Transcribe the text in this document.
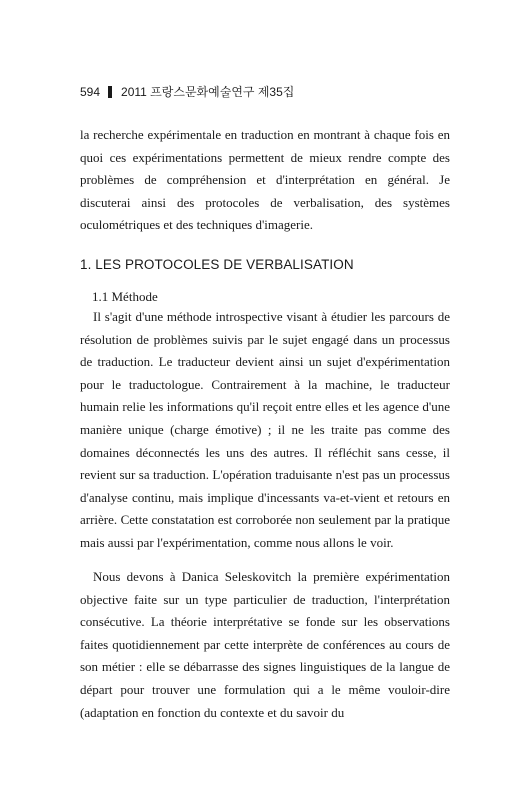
594 2011 프랑스문화예술연구 제35집

la recherche expérimentale en traduction en montrant à chaque fois en quoi ces expérimentations permettent de mieux rendre compte des problèmes de compréhension et d'interprétation en général. Je discuterai ainsi des protocoles de verbalisation, des systèmes oculométriques et des techniques d'imagerie.

1. LES PROTOCOLES DE VERBALISATION
1.1 Méthode

Il s'agit d'une méthode introspective visant à étudier les parcours de résolution de problèmes suivis par le sujet engagé dans un processus de traduction. Le traducteur devient ainsi un sujet d'expérimentation pour le traductologue. Contrairement à la machine, le traducteur humain relie les informations qu'il reçoit entre elles et les agence d'une manière unique (charge émotive) ; il ne les traite pas comme des domaines déconnectés les uns des autres. Il réfléchit sans cesse, il revient sur sa traduction. L'opération traduisante n'est pas un processus d'analyse continu, mais implique d'incessants va-et-vient et retours en arrière. Cette constatation est corroborée non seulement par la pratique mais aussi par l'expérimentation, comme nous allons le voir.

Nous devons à Danica Seleskovitch la première expérimentation objective faite sur un type particulier de traduction, l'interprétation consécutive. La théorie interprétative se fonde sur les observations faites quotidiennement par cette interprète de conférences au cours de son métier : elle se débarrasse des signes linguistiques de la langue de départ pour trouver une formulation qui a le même vouloir-dire (adaptation en fonction du contexte et du savoir du
